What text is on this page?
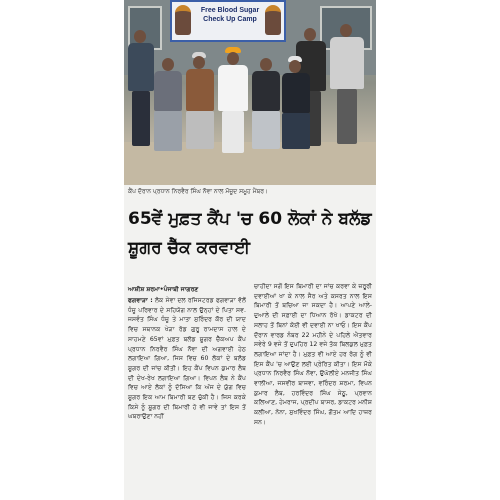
Free Blood Sugar Check Up Camp
ਕੈਂਪ ਦੌਰਾਨ ਪ੍ਰਧਾਨ ਨਿਰਵੈਰ ਸਿੰਘ ਨੌਵਾ ਨਾਲ ਮੌਜੂਦ ਸਮੂਹ ਮੈਂਬਰ।
65ਵੇਂ ਮੁਫ਼ਤ ਕੈਂਪ 'ਚ 60 ਲੋਕਾਂ ਨੇ ਬਲੱਡ ਸ਼ੂਗਰ ਚੈੱਕ ਕਰਵਾਈ
ਆਸ਼ੀਸ਼ ਸ਼ਰਮਾ•ਪੰਜਾਬੀ ਜਾਗਰਣ
ਫਗਵਾੜਾ : ਲੋਕ ਸੇਵਾ ਦਲ ਰਜਿਸਟਰਡ ਫਗਵਾੜਾ ਵੱਲੋਂ ਧੰਜੂ ਪਰਿਵਾਰ ਦੇ ਸਹਿਯੋਗ ਨਾਲ ਉਨ੍ਹਾਂ ਦੇ ਪਿਤਾ ਸਵ. ਜਸਵੰਤ ਸਿੰਘ ਧੰਜੂ ਤੇ ਮਾਤਾ ਸੁਰਿੰਦਰ ਕੌਰ ਦੀ ਯਾਦ ਵਿਚ ਸਥਾਨਕ ਖੇੜਾ ਰੋਡ ਗੁਰੂ ਰਾਮਦਾਸ ਹਾਲ ਦੇ ਸਾਹਮਣੇ 65ਵਾਂ ਮੁਫ਼ਤ ਬਲੱਡ ਸ਼ੂਗਰ ਚੈੱਕਅਪ ਕੈਂਪ ਪ੍ਰਧਾਨ ਨਿਰਵੈਰ ਸਿੰਘ ਨੌਵਾ ਦੀ ਅਗਵਾਈ ਹੇਠ ਲਗਾਇਆ ਗਿਆ, ਜਿਸ ਵਿਚ 60 ਲੋਕਾਂ ਦੇ ਬਲੱਡ ਸ਼ੂਗਰ ਦੀ ਜਾਂਚ ਕੀਤੀ। ਇਹ ਕੈਂਪ ਵਿਪਨ ਕੁਮਾਰ ਲੈਬ ਦੀ ਦੇਖ-ਰੇਖ ਲਗਾਇਆ ਗਿਆ। ਵਿਪਨ ਲੈਬ ਨੇ ਕੈਂਪ ਵਿਚ ਆਏ ਲੋਕਾਂ ਨੂੰ ਦੱਸਿਆ ਕਿ ਅੱਜ ਦੇ ਯੁੱਗ ਵਿਚ ਸ਼ੂਗਰ ਇਕ ਆਮ ਬਿਮਾਰੀ ਬਣ ਚੁੱਕੀ ਹੈ। ਜਿਸ ਕਰਕੇ ਕਿਸੇ ਨੂੰ ਸ਼ੂਗਰ ਦੀ ਬਿਮਾਰੀ ਹੋ ਵੀ ਜਾਵੇ ਤਾਂ ਇਸ ਤੋਂ ਘਬਰਾਉਣਾ ਨਹੀਂ
ਚਾਹੀਦਾ ਸਗੋਂ ਇਸ ਬਿਮਾਰੀ ਦਾ ਜਾਂਚ ਕਰਵਾ ਕੇ ਜ਼ਰੂਰੀ ਦਵਾਈਆਂ ਖਾ ਕੇ ਨਾਲ ਸੈਰ ਅਤੇ ਕਸਰਤ ਨਾਲ ਇਸ ਬਿਮਾਰੀ ਤੋਂ ਬਚਿਆ ਜਾ ਸਕਦਾ ਹੈ। ਆਪਣੇ ਆਲੇ-ਦੁਆਲੇ ਦੀ ਸਫ਼ਾਈ ਦਾ ਧਿਆਨ ਰੱਖੋ। ਡਾਕਟਰ ਦੀ ਸਲਾਹ ਤੋਂ ਬਿਨਾਂ ਕੋਈ ਵੀ ਦਵਾਈ ਨਾ ਖਾਓ। ਇਸ ਕੈਂਪ ਦੌਰਾਨ ਵਾਰਡ ਨੰਬਰ 22 ਮਹੀਨੇ ਦੇ ਪਹਿਲੇ ਐਤਵਾਰ ਸਵੇਰੇ 9 ਵਜੇ ਤੋਂ ਦੁਪਹਿਰ 12 ਵਜੇ ਤੱਕ ਬਿਲਕੁਲ ਮੁਫ਼ਤ ਲਗਾਇਆ ਜਾਂਦਾ ਹੈ। ਮੁਫ਼ਤ ਵੀ ਆਏ ਹਰ ਰੋਗ ਨੂੰ ਵੀ ਇਸ ਕੈਂਪ 'ਚ ਆਉਣ ਲਈ ਪ੍ਰੇਰਿਤ ਕੀਤਾ। ਇਸ ਮੌਕੇ ਪ੍ਰਧਾਨ ਨਿਰਵੈਰ ਸਿੰਘ ਨੌਵਾ, ਉਘੱਲੀਏ ਮਨਜੀਤ ਸਿੰਘ ਵਾਲੀਆ, ਜਸਵੀਰ ਬਾਜਵਾ, ਵਰਿੰਦਰ ਸ਼ਰਮਾ, ਵਿਪਨ ਕੁਮਾਰ ਲੈਬ, ਹਰਵਿੰਦਰ ਸਿੰਘ ਸੇਠੂ, ਪ੍ਰਵਾਨ ਕਲਿਆਣ, ਹੇਮਰਾਜ, ਪ੍ਰਦੀਪ ਬਾਸਰ, ਡਾਕਟਰ ਮਨੀਸ਼ ਕਲੀਆ, ਨੋਨਾ, ਸੁਖਵਿੰਦਰ ਸਿੰਘ, ਗੌਤਮ ਆਦਿ ਹਾਜ਼ਰ ਸਨ।
